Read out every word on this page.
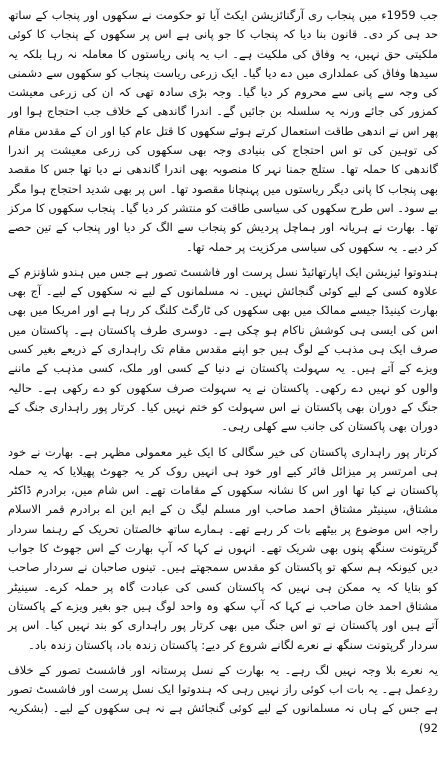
جب 1959ء میں پنجاب ری آرگنائزیشن ایکٹ آیا تو حکومت نے سکھوں اور پنجاب کے ساتھ حد ہی کر دی۔ قانون بنا دیا کہ پنجاب کا جو پانی ہے اس پر سکھوں کے پنجاب کا کوئی ملکیتی حق نہیں، یہ وفاق کی ملکیت ہے۔ اب یہ پانی ریاستوں کا معاملہ نہ رہا بلکہ یہ سیدھا وفاق کی عملداری میں دے دیا گیا۔ ایک زرعی ریاست پنجاب کو سکھوں سے دشمنی کی وجہ سے پانی سے محروم کر دیا گیا۔ وجہ بڑی سادہ تھی کہ ان کی زرعی معیشت کمزور کی جائے ورنہ یہ سلسلہ بن جائیں گے۔ اندرا گاندھی کے خلاف جب احتجاج ہوا اور پھر اس نے اندھی طاقت استعمال کرتے ہوئے سکھوں کا قتل عام کیا اور ان کے مقدس مقام کی توہین کی تو اس احتجاج کی بنیادی وجہ بھی سکھوں کی زرعی معیشت پر اندرا گاندھی کا حملہ تھا۔ ستلج جمنا نہر کا منصوبہ بھی اندرا گاندھی نے دیا تھا جس کا مقصد بھی پنجاب کا پانی دیگر ریاستوں میں پہنچانا مقصود تھا۔ اس پر بھی شدید احتجاج ہوا مگر بے سود۔ اس طرح سکھوں کی سیاسی طاقت کو منتشر کر دیا گیا۔ پنجاب سکھوں کا مرکز تھا۔ بھارت نے ہریانہ اور ہماچل پردیش کو پنجاب سے الگ کر دیا اور پنجاب کے تین حصے کر دیے۔ یہ سکھوں کی سیاسی مرکزیت پر حملہ تھا۔

ہندوتوا ئیزیشن ایک اپارتھائیڈ نسل پرست اور فاشسٹ تصور ہے جس میں ہندو شاؤنزم کے علاوہ کسی کے لیے کوئی گنجائش نہیں۔ نہ مسلمانوں کے لیے نہ سکھوں کے لیے۔ آج بھی بھارت کینیڈا جیسے ممالک میں بھی سکھوں کی ٹارگٹ کلنگ کر رہا ہے اور امریکا میں بھی اس کی ایسی ہی کوشش ناکام ہو چکی ہے۔ دوسری طرف پاکستان ہے۔ پاکستان میں صرف ایک ہی مذہب کے لوگ ہیں جو اپنے مقدس مقام تک راہداری کے ذریعے بغیر کسی ویزے کے آتے ہیں۔ یہ سہولت پاکستان نے دنیا کے کسی اور ملک، کسی مذہب کے ماننے والوں کو نہیں دے رکھی۔ پاکستان نے یہ سہولت صرف سکھوں کو دے رکھی ہے۔ حالیہ جنگ کے دوران بھی پاکستان نے اس سہولت کو ختم نہیں کیا۔ کرتار پور راہداری جنگ کے دوران بھی پاکستان کی جانب سے کھلی رہی۔

کرتار پور راہداری پاکستان کی خیر سگالی کا ایک غیر معمولی مظہر ہے۔ بھارت نے خود ہی امرتسر پر میزائل فائر کیے اور خود ہی انہیں روک کر یہ جھوٹ پھیلایا کہ یہ حملہ پاکستان نے کیا تھا اور اس کا نشانہ سکھوں کے مقامات تھے۔ اس شام میں، برادرم ڈاکٹر مشتاق، سینیٹر مشتاق احمد صاحب اور مسلم لیگ ن کے ایم این اے برادرم قمر الاسلام راجہ اس موضوع پر بیٹھے بات کر رہے تھے۔ ہمارے ساتھ خالصتان تحریک کے رہنما سردار گرپتونت سنگھ پنوں بھی شریک تھے۔ انہوں نے کہا کہ آپ بھارت کے اس جھوٹ کا جواب دیں کیونکہ ہم سکھ تو پاکستان کو مقدس سمجھتے ہیں۔ تینوں صاحبان نے سردار صاحب کو بتایا کہ یہ ممکن ہی نہیں کہ پاکستان کسی کی عبادت گاہ پر حملہ کرے۔ سینیٹر مشتاق احمد خان صاحب نے کہا کہ آپ سکھ وہ واحد لوگ ہیں جو بغیر ویزے کے پاکستان آتے ہیں اور پاکستان نے تو اس جنگ میں بھی کرتار پور راہداری کو بند نہیں کیا۔ اس پر سردار گرپتونت سنگھ نے نعرے لگانے شروع کر دیے: پاکستان زندہ باد، پاکستان زندہ باد۔

یہ نعرے بلا وجہ نہیں لگ رہے۔ یہ بھارت کے نسل پرستانہ اور فاشسٹ تصور کے خلاف ردِعمل ہے۔ یہ بات اب کوئی راز نہیں رہی کہ ہندوتوا ایک نسل پرست اور فاشسٹ تصور ہے جس کے ہاں نہ مسلمانوں کے لیے کوئی گنجائش ہے نہ ہی سکھوں کے لیے۔ (بشکریہ 92)
